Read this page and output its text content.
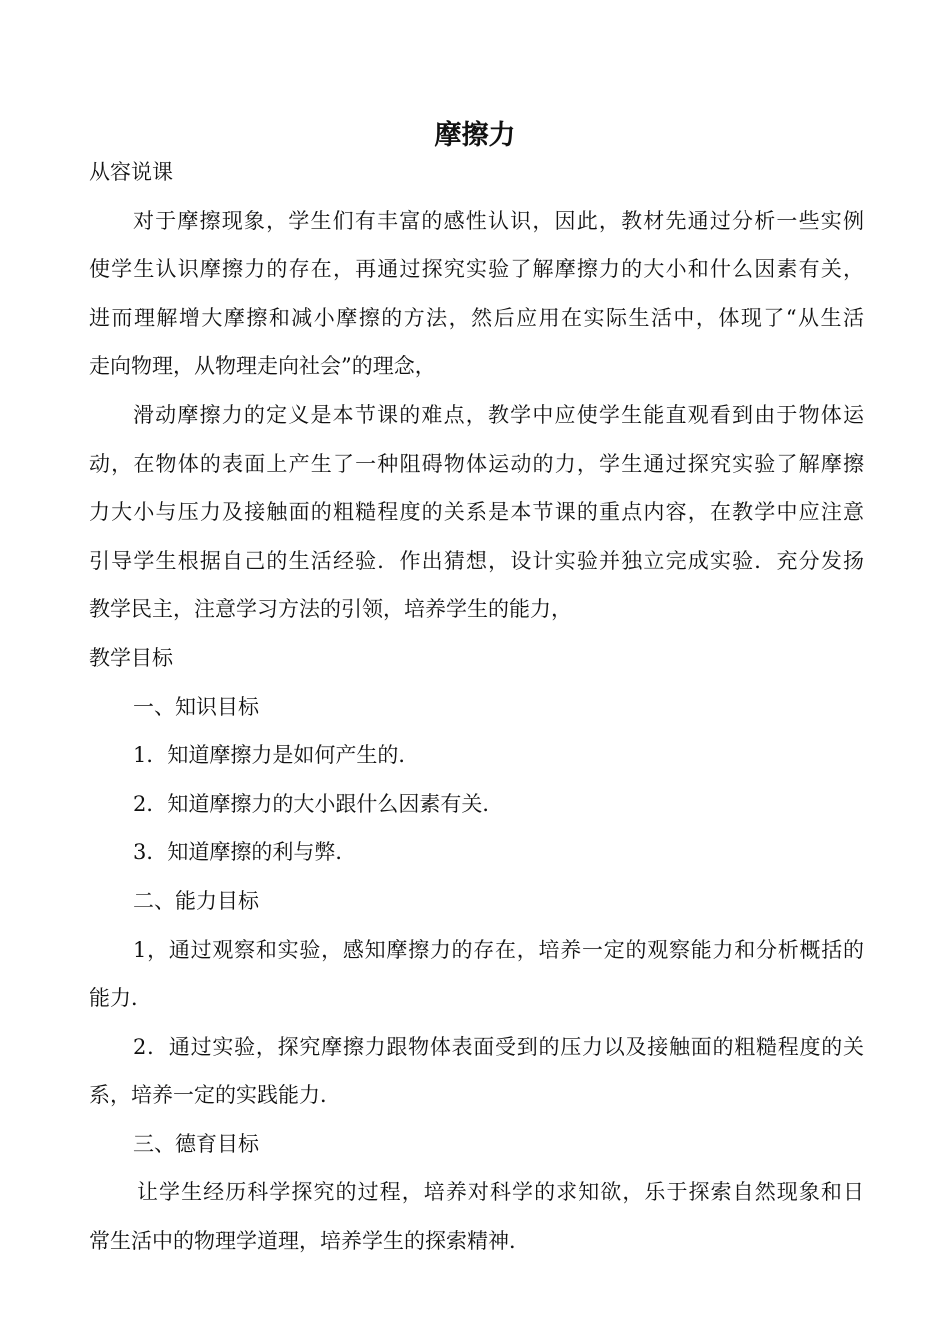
摩擦力
从容说课
对于摩擦现象，学生们有丰富的感性认识，因此，教材先通过分析一些实例
使学生认识摩擦力的存在，再通过探究实验了解摩擦力的大小和什么因素有关，
进而理解增大摩擦和减小摩擦的方法，然后应用在实际生活中，体现了“从生活
走向物理，从物理走向社会”的理念，
滑动摩擦力的定义是本节课的难点，教学中应使学生能直观看到由于物体运
动，在物体的表面上产生了一种阻碍物体运动的力，学生通过探究实验了解摩擦
力大小与压力及接触面的粗糙程度的关系是本节课的重点内容，在教学中应注意
引导学生根据自己的生活经验．作出猜想，设计实验并独立完成实验．充分发扬
教学民主，注意学习方法的引领，培养学生的能力，
教学目标
一、知识目标
1．知道摩擦力是如何产生的．
2．知道摩擦力的大小跟什么因素有关．
3．知道摩擦的利与弊．
二、能力目标
1，通过观察和实验，感知摩擦力的存在，培养一定的观察能力和分析概括的
能力．
2．通过实验，探究摩擦力跟物体表面受到的压力以及接触面的粗糙程度的关
系，培养一定的实践能力．
三、德育目标
让学生经历科学探究的过程，培养对科学的求知欲，乐于探索自然现象和日
常生活中的物理学道理，培养学生的探索精神．
